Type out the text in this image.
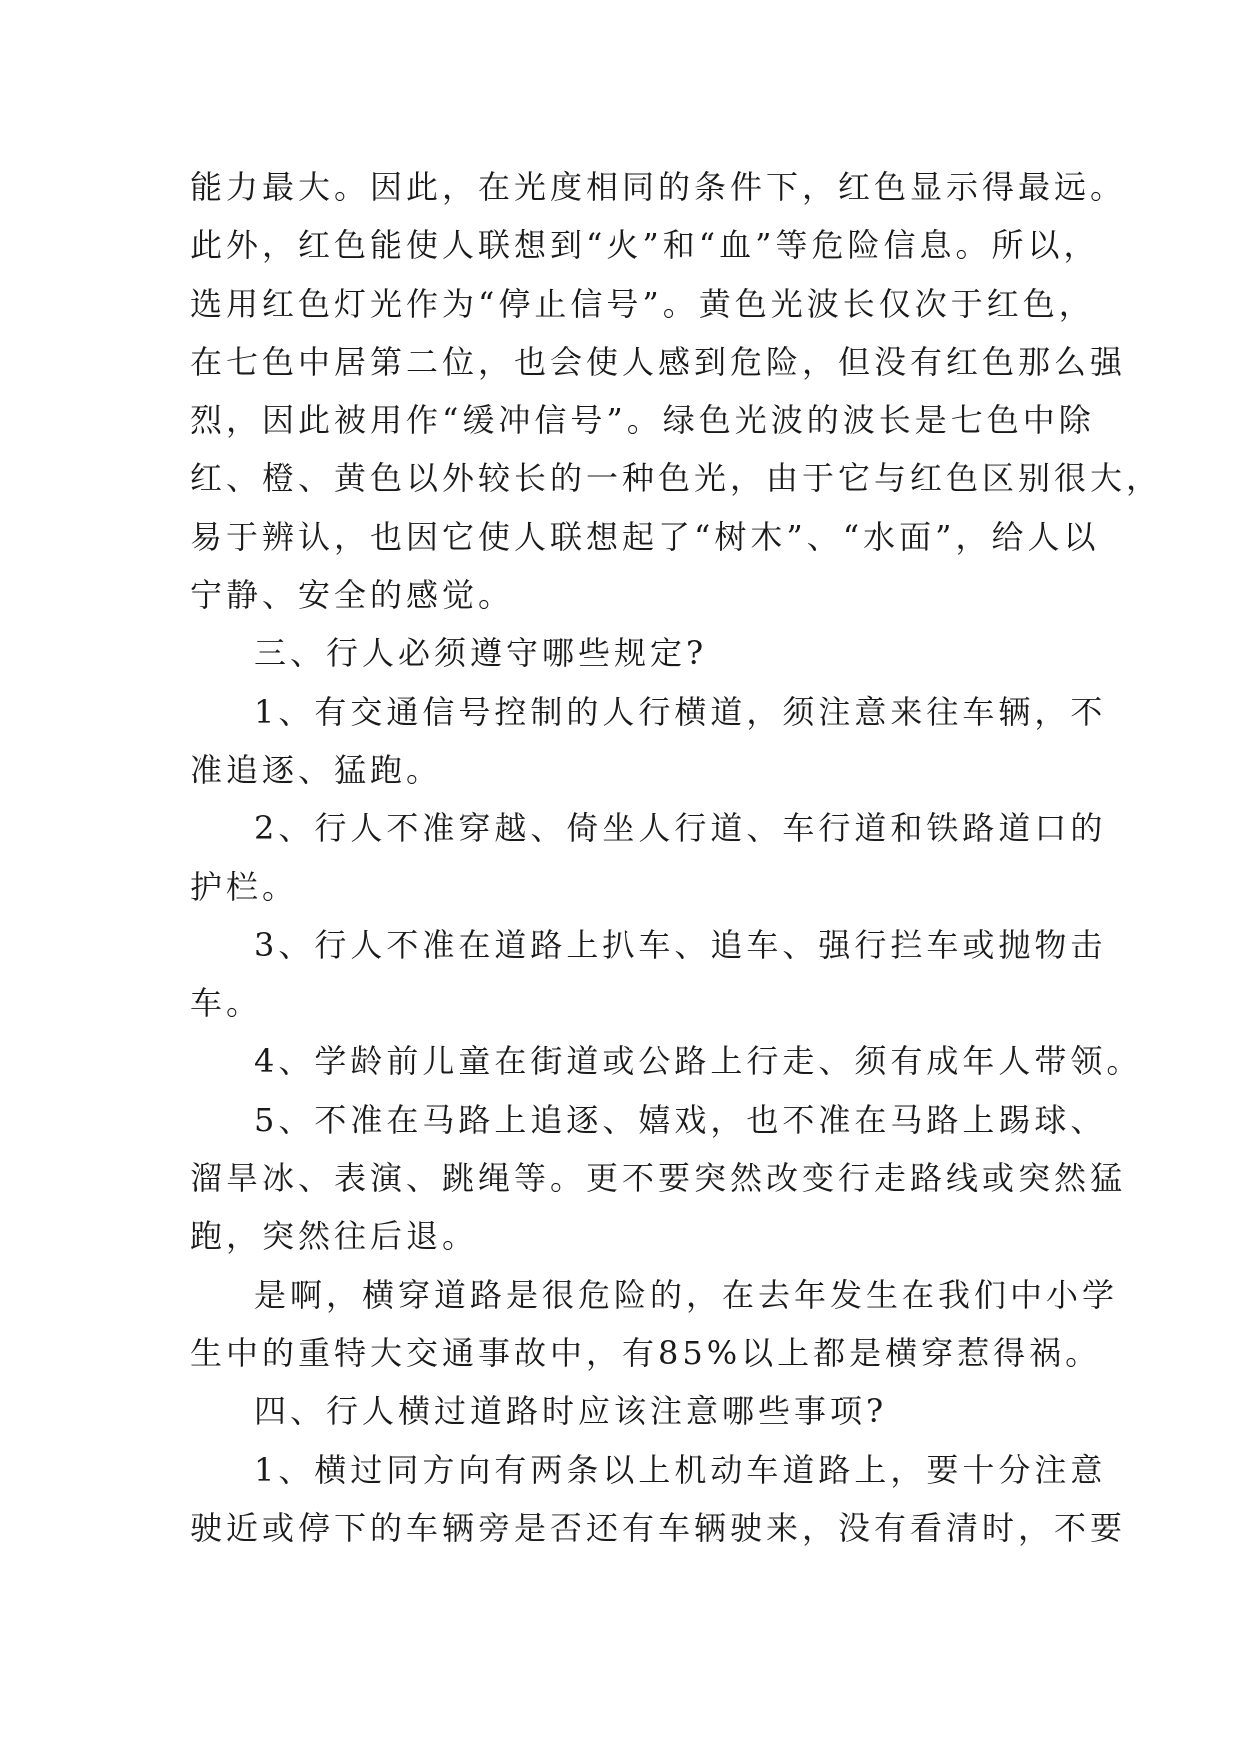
能力最大。因此，在光度相同的条件下，红色显示得最远。

此外，红色能使人联想到“火”和“血”等危险信息。所以，

选用红色灯光作为“停止信号”。黄色光波长仅次于红色，

在七色中居第二位，也会使人感到危险，但没有红色那么强

烈，因此被用作“缓冲信号”。绿色光波的波长是七色中除

红、橙、黄色以外较长的一种色光，由于它与红色区别很大，

易于辨认，也因它使人联想起了“树木”、“水面”，给人以

宁静、安全的感觉。

三、行人必须遵守哪些规定?

1、有交通信号控制的人行横道，须注意来往车辆，不

准追逐、猛跑。

2、行人不准穿越、倚坐人行道、车行道和铁路道口的

护栏。

3、行人不准在道路上扒车、追车、强行拦车或抛物击

车。

4、学龄前儿童在街道或公路上行走、须有成年人带领。

5、不准在马路上追逐、嬉戏，也不准在马路上踢球、

溜旱冰、表演、跳绳等。更不要突然改变行走路线或突然猛

跑，突然往后退。

是啊，横穿道路是很危险的，在去年发生在我们中小学

生中的重特大交通事故中，有85%以上都是横穿惹得祸。

四、行人横过道路时应该注意哪些事项?

1、横过同方向有两条以上机动车道路上，要十分注意

驶近或停下的车辆旁是否还有车辆驶来，没有看清时，不要
